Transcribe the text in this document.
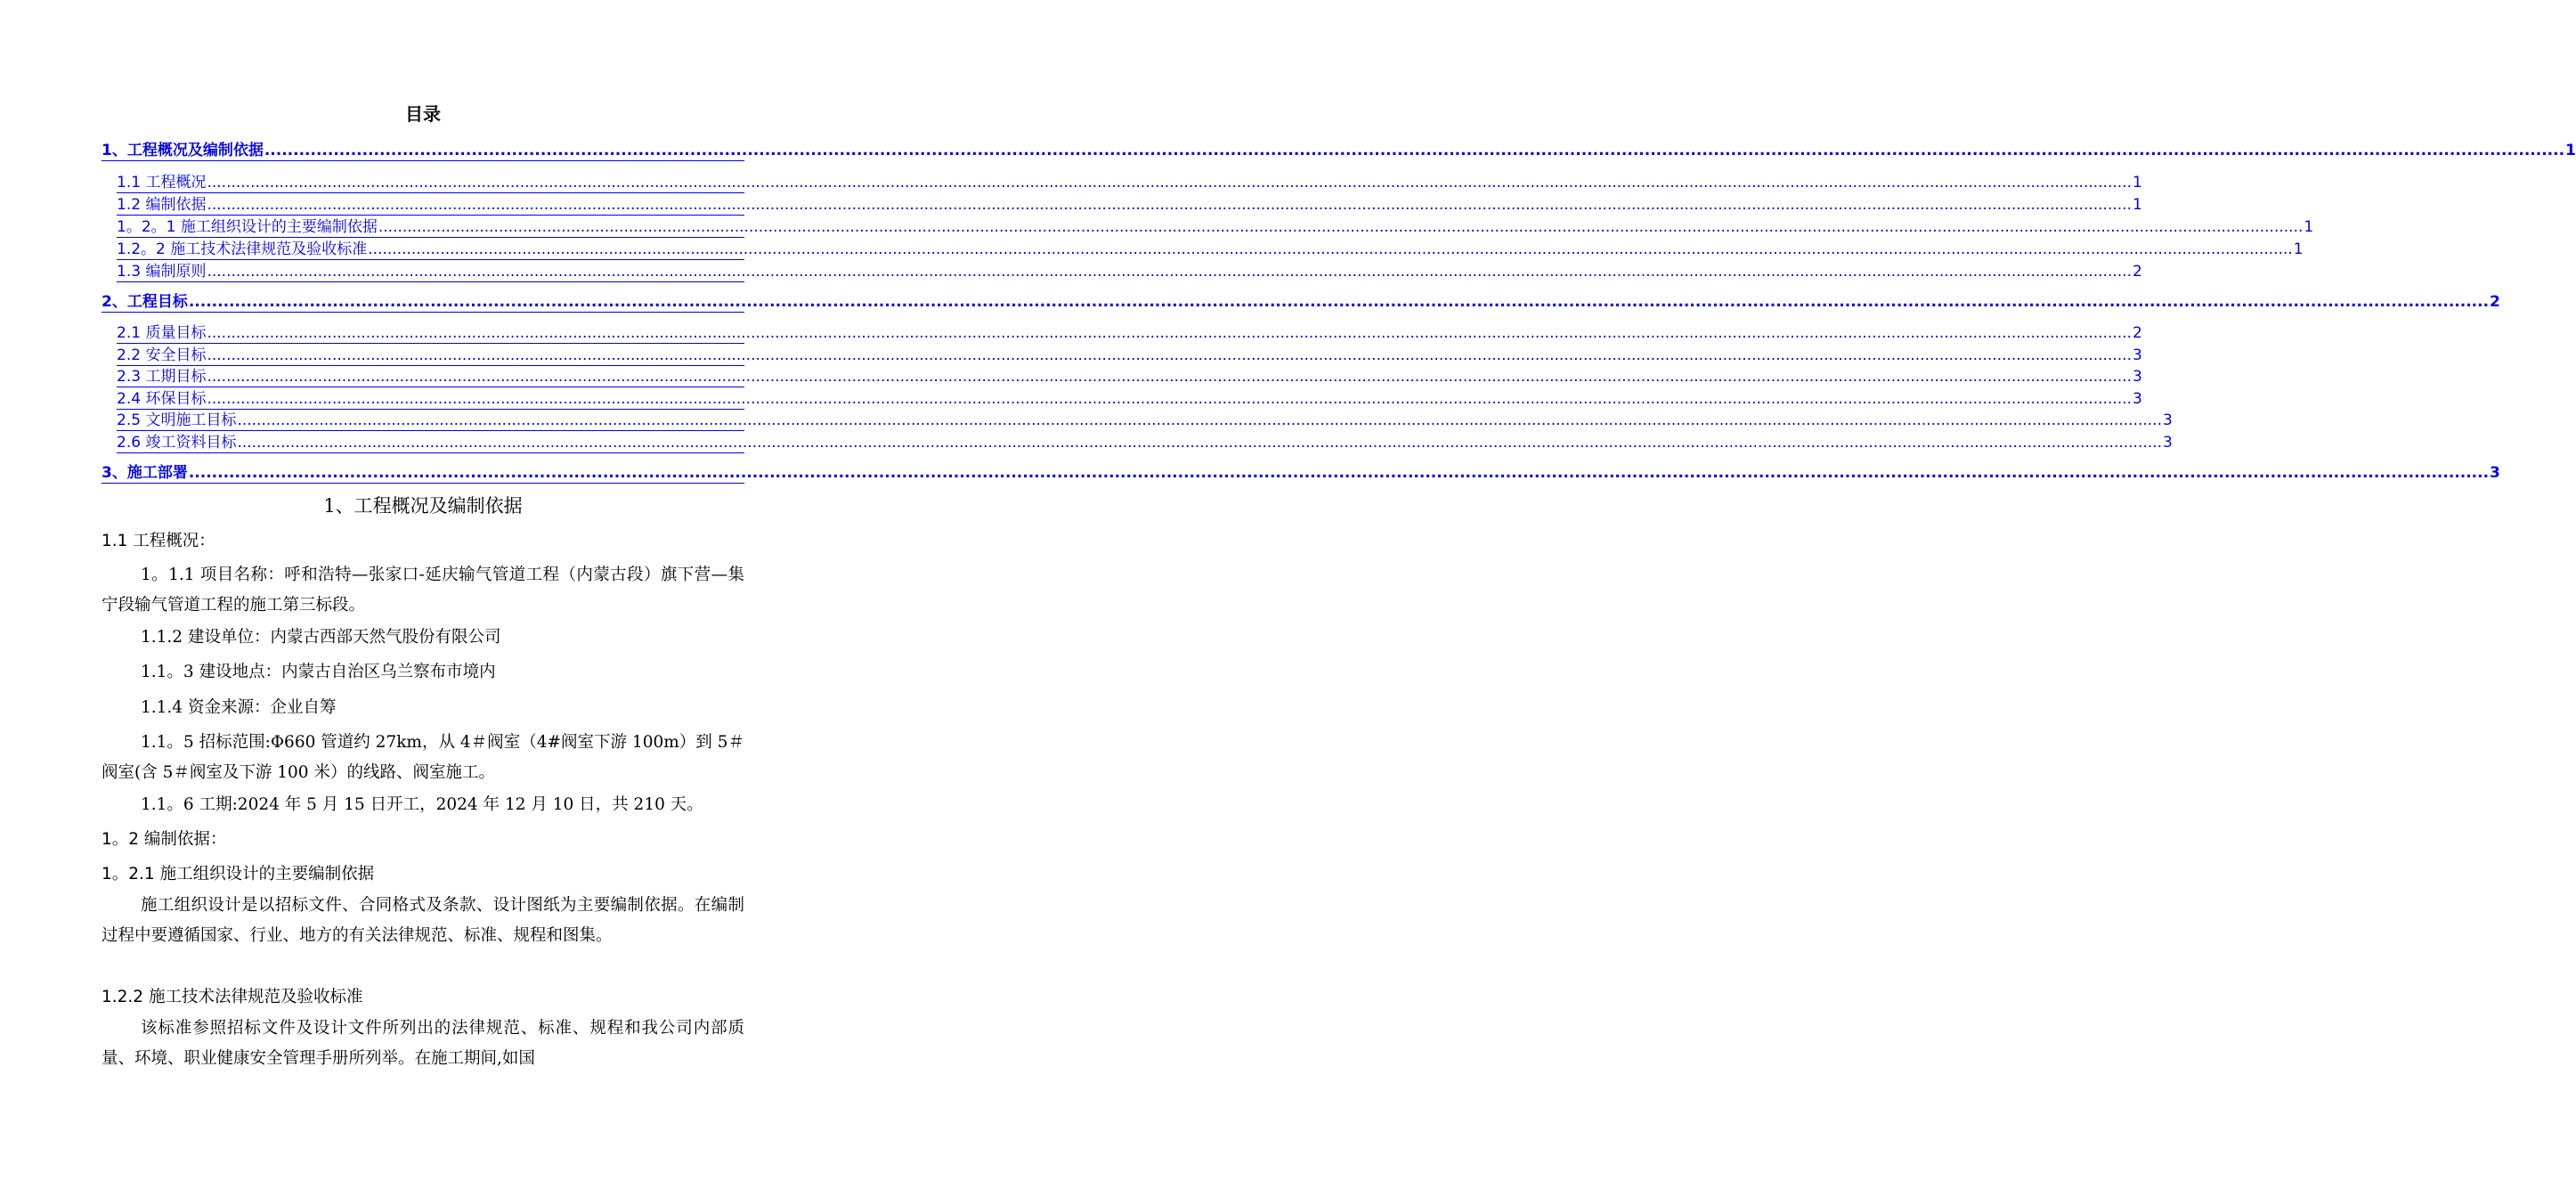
目录
1、工程概况及编制依据 ................................................................................................................................................................................................................................................................................................................................................................................................................ 1
1.1 工程概况 ................................................................................................................................................................................................................................................................................................................................................................................................................ 1
1.2 编制依据 ................................................................................................................................................................................................................................................................................................................................................................................................................ 1
1。2。1 施工组织设计的主要编制依据 ................................................................................................................................................................................................................................................................................................................................................................................................................ 1
1.2。2 施工技术法律规范及验收标准 ................................................................................................................................................................................................................................................................................................................................................................................................................ 1
1.3 编制原则 ................................................................................................................................................................................................................................................................................................................................................................................................................ 2
2、工程目标 ................................................................................................................................................................................................................................................................................................................................................................................................................ 2
2.1 质量目标 ................................................................................................................................................................................................................................................................................................................................................................................................................ 2
2.2 安全目标 ................................................................................................................................................................................................................................................................................................................................................................................................................ 3
2.3 工期目标 ................................................................................................................................................................................................................................................................................................................................................................................................................ 3
2.4 环保目标 ................................................................................................................................................................................................................................................................................................................................................................................................................ 3
2.5 文明施工目标 ................................................................................................................................................................................................................................................................................................................................................................................................................ 3
2.6 竣工资料目标 ................................................................................................................................................................................................................................................................................................................................................................................................................ 3
3、施工部署 ................................................................................................................................................................................................................................................................................................................................................................................................................ 3
1、工程概况及编制依据
1.1 工程概况：
1。1.1 项目名称：呼和浩特—张家口-延庆输气管道工程（内蒙古段）旗下营—集宁段输气管道工程的施工第三标段。
1.1.2 建设单位：内蒙古西部天然气股份有限公司
1.1。3 建设地点：内蒙古自治区乌兰察布市境内
1.1.4 资金来源：企业自筹
1.1。5 招标范围:Φ660 管道约 27km，从 4＃阀室（4#阀室下游 100m）到 5＃阀室(含 5＃阀室及下游 100 米）的线路、阀室施工。
1.1。6 工期:2024 年 5 月 15 日开工，2024 年 12 月 10 日，共 210 天。
1。2 编制依据：
1。2.1 施工组织设计的主要编制依据
施工组织设计是以招标文件、合同格式及条款、设计图纸为主要编制依据。在编制过程中要遵循国家、行业、地方的有关法律规范、标准、规程和图集。
1.2.2 施工技术法律规范及验收标准
该标准参照招标文件及设计文件所列出的法律规范、标准、规程和我公司内部质量、环境、职业健康安全管理手册所列举。在施工期间,如国
